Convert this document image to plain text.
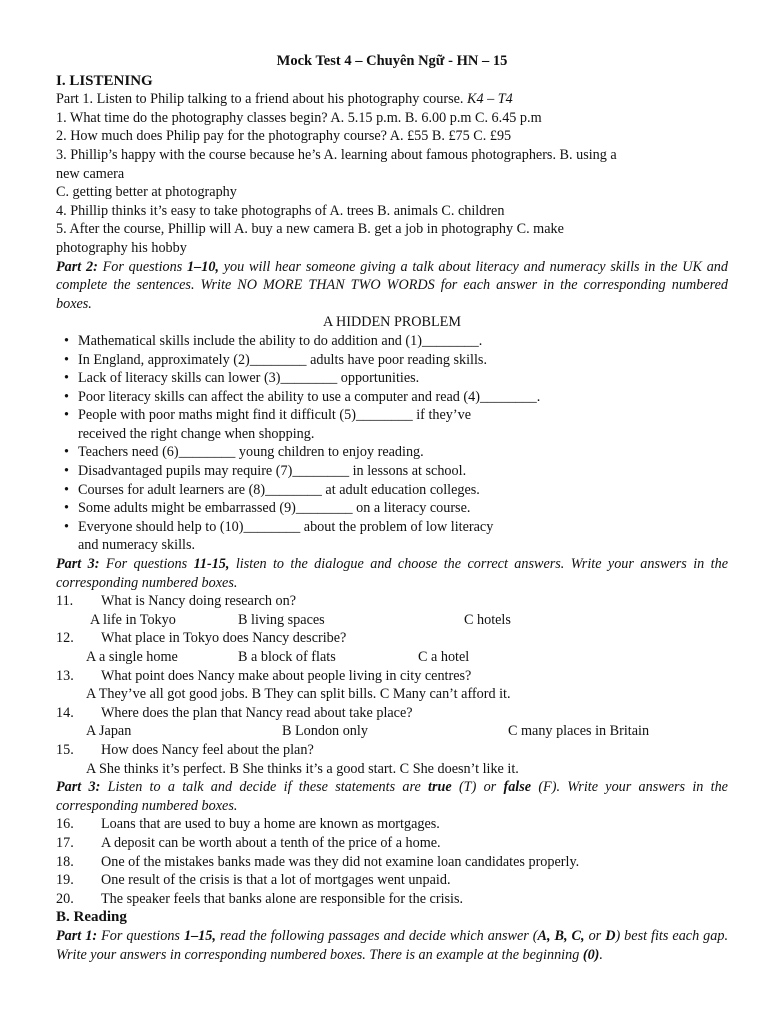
Mock Test 4 – Chuyên Ngữ - HN – 15
I. LISTENING
Part 1. Listen to Philip talking to a friend about his photography course. K4 – T4
1. What time do the photography classes begin? A. 5.15 p.m. B. 6.00 p.m C. 6.45 p.m
2. How much does Philip pay for the photography course? A. £55 B. £75 C. £95
3. Phillip’s happy with the course because he’s A. learning about famous photographers. B. using a
new camera
C. getting better at photography
4. Phillip thinks it’s easy to take photographs of A. trees B. animals C. children
5. After the course, Phillip will A. buy a new camera B. get a job in photography C. make
photography his hobby
Part 2: For questions 1–10, you will hear someone giving a talk about literacy and numeracy skills in the UK and complete the sentences. Write NO MORE THAN TWO WORDS for each answer in the corresponding numbered boxes.
A HIDDEN PROBLEM
• Mathematical skills include the ability to do addition and (1)________.
• In England, approximately (2)________ adults have poor reading skills.
• Lack of literacy skills can lower (3)________ opportunities.
• Poor literacy skills can affect the ability to use a computer and read (4)________.
• People with poor maths might find it difficult (5)________ if they’ve
received the right change when shopping.
• Teachers need (6)________ young children to enjoy reading.
• Disadvantaged pupils may require (7)________ in lessons at school.
• Courses for adult learners are (8)________ at adult education colleges.
• Some adults might be embarrassed (9)________ on a literacy course.
• Everyone should help to (10)________ about the problem of low literacy
and numeracy skills.
Part 3: For questions 11-15, listen to the dialogue and choose the correct answers. Write your answers in the corresponding numbered boxes.
11.	What is Nancy doing research on?
A life in Tokyo	B living spaces	C hotels
12.	What place in Tokyo does Nancy describe?
A a single home	B a block of flats	C a hotel
13.	What point does Nancy make about people living in city centres?
A They’ve all got good jobs. B They can split bills. C Many can’t afford it.
14.	Where does the plan that Nancy read about take place?
A Japan	B London only	C many places in Britain
15.	How does Nancy feel about the plan?
A She thinks it’s perfect. B She thinks it’s a good start. C She doesn’t like it.
Part 3: Listen to a talk and decide if these statements are true (T) or false (F). Write your answers in the corresponding numbered boxes.
16.	Loans that are used to buy a home are known as mortgages.
17.	A deposit can be worth about a tenth of the price of a home.
18.	One of the mistakes banks made was they did not examine loan candidates properly.
19.	One result of the crisis is that a lot of mortgages went unpaid.
20.	The speaker feels that banks alone are responsible for the crisis.
B. Reading
Part 1: For questions 1–15, read the following passages and decide which answer (A, B, C, or D) best fits each gap. Write your answers in corresponding numbered boxes. There is an example at the beginning (0).
